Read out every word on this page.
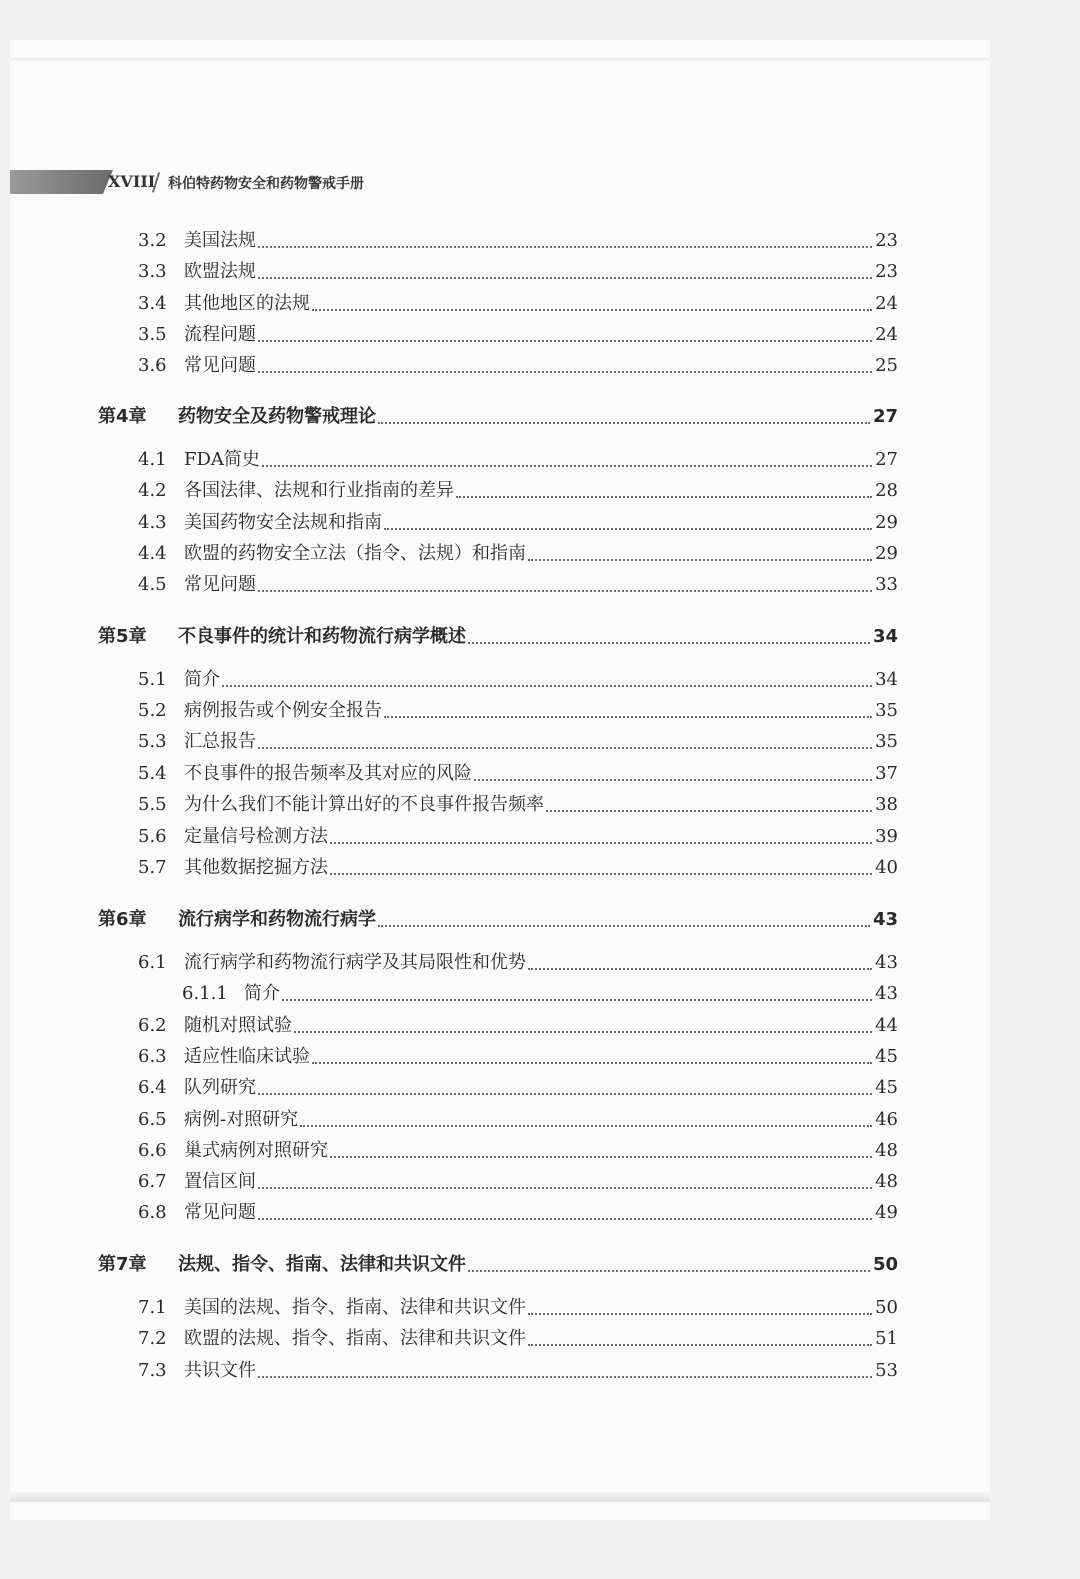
XVIII
/ 科伯特药物安全和药物警戒手册
3.2 美国法规	23
3.3 欧盟法规	23
3.4 其他地区的法规	24
3.5 流程问题	24
3.6 常见问题	25
第4章	药物安全及药物警戒理论	27
4.1 FDA简史	27
4.2 各国法律、法规和行业指南的差异	28
4.3 美国药物安全法规和指南	29
4.4 欧盟的药物安全立法（指令、法规）和指南	29
4.5 常见问题	33
第5章	不良事件的统计和药物流行病学概述	34
5.1 简介	34
5.2 病例报告或个例安全报告	35
5.3 汇总报告	35
5.4 不良事件的报告频率及其对应的风险	37
5.5 为什么我们不能计算出好的不良事件报告频率	38
5.6 定量信号检测方法	39
5.7 其他数据挖掘方法	40
第6章	流行病学和药物流行病学	43
6.1 流行病学和药物流行病学及其局限性和优势	43
6.1.1 简介	43
6.2 随机对照试验	44
6.3 适应性临床试验	45
6.4 队列研究	45
6.5 病例-对照研究	46
6.6 巢式病例对照研究	48
6.7 置信区间	48
6.8 常见问题	49
第7章	法规、指令、指南、法律和共识文件	50
7.1 美国的法规、指令、指南、法律和共识文件	50
7.2 欧盟的法规、指令、指南、法律和共识文件	51
7.3 共识文件	53
